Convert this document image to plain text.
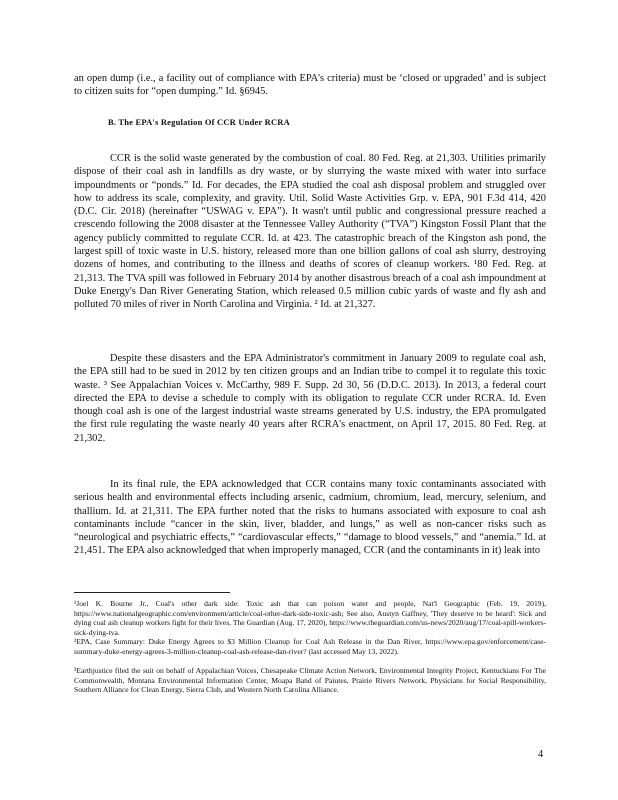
an open dump (i.e., a facility out of compliance with EPA's criteria) must be ‘closed or upgraded’ and is subject to citizen suits for “open dumping.” Id. §6945.

B. The EPA's Regulation Of CCR Under RCRA

CCR is the solid waste generated by the combustion of coal. 80 Fed. Reg. at 21,303. Utilities primarily dispose of their coal ash in landfills as dry waste, or by slurrying the waste mixed with water into surface impoundments or “ponds.” Id. For decades, the EPA studied the coal ash disposal problem and struggled over how to address its scale, complexity, and gravity. Util. Solid Waste Activities Grp. v. EPA, 901 F.3d 414, 420 (D.C. Cir. 2018) (hereinafter “USWAG v. EPA”). It wasn't until public and congressional pressure reached a crescendo following the 2008 disaster at the Tennessee Valley Authority (“TVA”) Kingston Fossil Plant that the agency publicly committed to regulate CCR. Id. at 423. The catastrophic breach of the Kingston ash pond, the largest spill of toxic waste in U.S. history, released more than one billion gallons of coal ash slurry, destroying dozens of homes, and contributing to the illness and deaths of scores of cleanup workers. ¹80 Fed. Reg. at 21,313. The TVA spill was followed in February 2014 by another disastrous breach of a coal ash impoundment at Duke Energy's Dan River Generating Station, which released 0.5 million cubic yards of waste and fly ash and polluted 70 miles of river in North Carolina and Virginia. ² Id. at 21,327.

Despite these disasters and the EPA Administrator's commitment in January 2009 to regulate coal ash, the EPA still had to be sued in 2012 by ten citizen groups and an Indian tribe to compel it to regulate this toxic waste. ³ See Appalachian Voices v. McCarthy, 989 F. Supp. 2d 30, 56 (D.D.C. 2013). In 2013, a federal court directed the EPA to devise a schedule to comply with its obligation to regulate CCR under RCRA. Id. Even though coal ash is one of the largest industrial waste streams generated by U.S. industry, the EPA promulgated the first rule regulating the waste nearly 40 years after RCRA's enactment, on April 17, 2015. 80 Fed. Reg. at 21,302.

In its final rule, the EPA acknowledged that CCR contains many toxic contaminants associated with serious health and environmental effects including arsenic, cadmium, chromium, lead, mercury, selenium, and thallium. Id. at 21,311. The EPA further noted that the risks to humans associated with exposure to coal ash contaminants include “cancer in the skin, liver, bladder, and lungs,” as well as non-cancer risks such as “neurological and psychiatric effects,” “cardiovascular effects,” “damage to blood vessels,” and “anemia.” Id. at 21,451. The EPA also acknowledged that when improperly managed, CCR (and the contaminants in it) leak into

¹Joel K. Bourne Jr., Coal's other dark side: Toxic ash that can poison water and people, Nat'l Geographic (Feb. 19, 2019), https://www.nationalgeographic.com/environment/article/coal-other-dark-side-toxic-ash; See also, Austyn Gaffney, 'They deserve to be heard': Sick and dying coal ash cleanup workers fight for their lives, The Guardian (Aug. 17, 2020), https://www.theguardian.com/us-news/2020/aug/17/coal-spill-workers-sick-dying-tva.

²EPA, Case Summary: Duke Energy Agrees to $3 Million Cleanup for Coal Ash Release in the Dan River, https://www.epa.gov/enforcement/case-summary-duke-energy-agrees-3-million-cleanup-coal-ash-release-dan-river? (last accessed May 13, 2022).

³Earthjustice filed the suit on behalf of Appalachian Voices, Chesapeake Climate Action Network, Environmental Integrity Project, Kentuckians For The Commonwealth, Montana Environmental Information Center, Moapa Band of Paiutes, Prairie Rivers Network, Physicians for Social Responsibility, Southern Alliance for Clean Energy, Sierra Club, and Western North Carolina Alliance.

4
